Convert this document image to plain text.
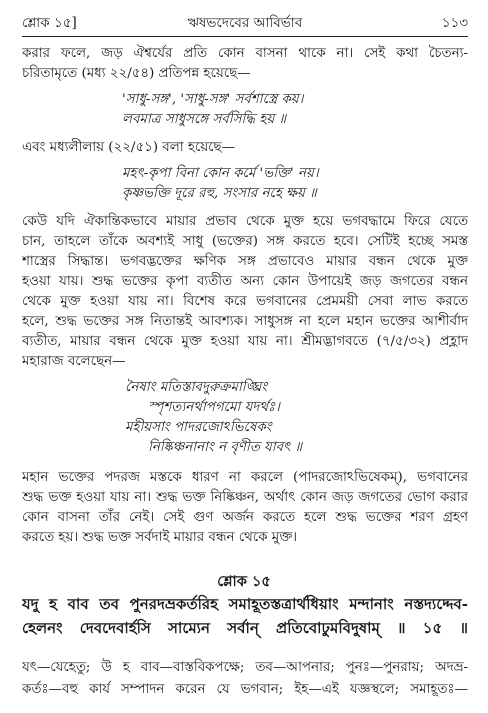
শ্লোক ১৫]	ঋষভদেবের আবির্ভাব	১১৩
করার ফলে, জড় ঐশ্বর্যের প্রতি কোন বাসনা থাকে না। সেই কথা চৈতন্য-
চরিতামৃতে (মধ্য ২২/৫৪) প্রতিপন্ন হয়েছে—
'সাধু-সঙ্গ', 'সাধু-সঙ্গ' সর্বশাস্ত্রে কয়।
লবমাত্র সাধুসঙ্গে সর্বসিদ্ধি হয় ॥
এবং মধ্যলীলায় (২২/৫১) বলা হয়েছে—
মহৎ-কৃপা বিনা কোন কর্মে 'ভক্তি' নয়।
কৃষ্ণভক্তি দূরে রহু, সংসার নহে ক্ষয় ॥
কেউ যদি ঐকান্তিকভাবে মায়ার প্রভাব থেকে মুক্ত হয়ে ভগবদ্ধামে ফিরে যেতে
চান, তাহলে তাঁকে অবশ্যই সাধু (ভক্তের) সঙ্গ করতে হবে। সেটিই হচ্ছে সমস্ত
শাস্ত্রের সিদ্ধান্ত। ভগবদ্ভক্তের ক্ষণিক সঙ্গ প্রভাবেও মায়ার বন্ধন থেকে মুক্ত
হওয়া যায়। শুদ্ধ ভক্তের কৃপা ব্যতীত অন্য কোন উপায়েই জড় জগতের বন্ধন
থেকে মুক্ত হওয়া যায় না। বিশেষ করে ভগবানের প্রেমময়ী সেবা লাভ করতে
হলে, শুদ্ধ ভক্তের সঙ্গ নিতান্তই আবশ্যক। সাধুসঙ্গ না হলে মহান ভক্তের আশীর্বাদ
ব্যতীত, মায়ার বন্ধন থেকে মুক্ত হওয়া যায় না। শ্রীমদ্ভাগবতে (৭/৫/৩২) প্রহ্লাদ
মহারাজ বলেছেন—
নৈষাং মতিস্তাবদুরুক্রমাঙ্ঘ্রিং
স্পৃশত্যনর্থাপগমো যদর্থঃ।
মহীয়সাং পাদরজোঽভিষেকং
নিষ্কিঞ্চনানাং ন বৃণীত যাবৎ ॥
মহান ভক্তের পদরজ মস্তকে ধারণ না করলে (পাদরজোঽভিষেকম্), ভগবানের
শুদ্ধ ভক্ত হওয়া যায় না। শুদ্ধ ভক্ত নিষ্কিঞ্চন, অর্থাৎ কোন জড় জগতের ভোগ করার
কোন বাসনা তাঁর নেই। সেই গুণ অর্জন করতে হলে শুদ্ধ ভক্তের শরণ গ্রহণ
করতে হয়। শুদ্ধ ভক্ত সর্বদাই মায়ার বন্ধন থেকে মুক্ত।
শ্লোক ১৫
যদু হ বাব তব পুনরদভ্রকর্তরিহ সমাহূতস্তত্রার্থধিয়াং মন্দানাং নস্তদ্যদ্দেব-
হেলনং দেবদেবার্হসি সাম্যেন সর্বান্ প্রতিবোঢুমবিদুষাম্ ॥ ১৫ ॥
যৎ—যেহেতু; উ হ বাব—বাস্তবিকপক্ষে; তব—আপনার; পুনঃ—পুনরায়; অদভ্র-
কর্তঃ—বহু কার্য সম্পাদন করেন যে ভগবান; ইহ—এই যজ্ঞস্থলে; সমাহূতঃ—
